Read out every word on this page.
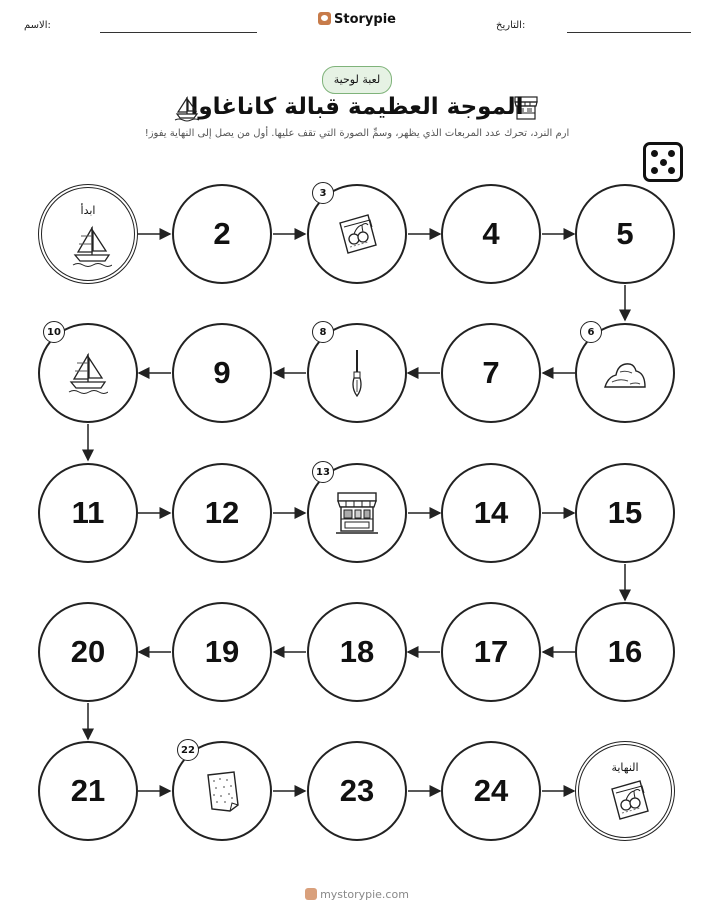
الاسم:	التاريخ:
Storypie
لعبة لوحية
الموجة العظيمة قبالة كاناغاوا
ارم النرد، تحرك عدد المربعات الذي يظهر، وسمِّ الصورة التي تقف عليها. أول من يصل إلى النهاية يفوز!
ابدأ
2
3
4	5
6
7
8
9
10
11	12
13
14	15
16
17
18
19
20
21
22
23	24
النهاية
mystorypie.com
